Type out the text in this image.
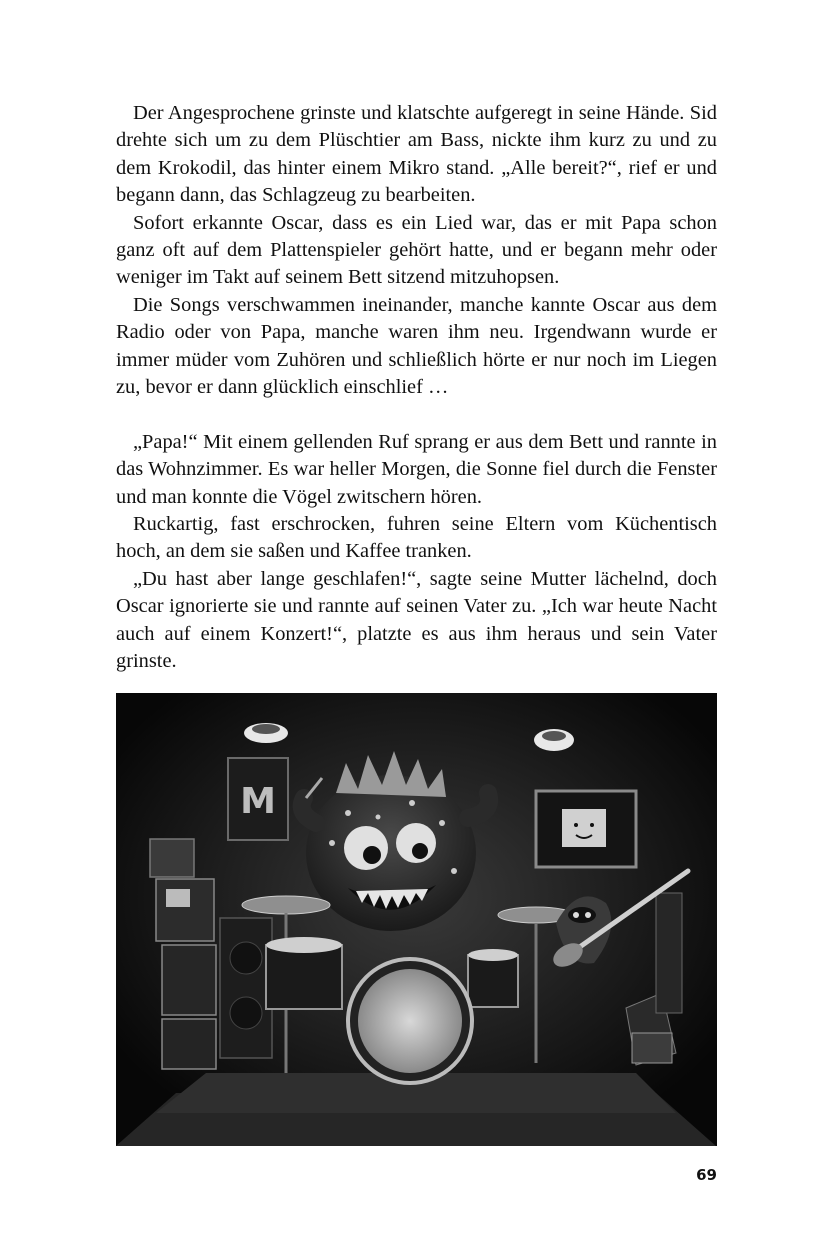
Der Angesprochene grinste und klatschte aufgeregt in seine Hände. Sid drehte sich um zu dem Plüschtier am Bass, nickte ihm kurz zu und zu dem Krokodil, das hinter einem Mikro stand. „Alle bereit?“, rief er und begann dann, das Schlagzeug zu bearbeiten.

Sofort erkannte Oscar, dass es ein Lied war, das er mit Papa schon ganz oft auf dem Plattenspieler gehört hatte, und er begann mehr oder weniger im Takt auf seinem Bett sitzend mitzuhopsen.

Die Songs verschwammen ineinander, manche kannte Oscar aus dem Radio oder von Papa, manche waren ihm neu. Irgendwann wurde er immer müder vom Zuhören und schließlich hörte er nur noch im Liegen zu, bevor er dann glücklich einschlief …

„Papa!“ Mit einem gellenden Ruf sprang er aus dem Bett und rannte in das Wohnzimmer. Es war heller Morgen, die Sonne fiel durch die Fenster und man konnte die Vögel zwitschern hören.

Ruckartig, fast erschrocken, fuhren seine Eltern vom Küchentisch hoch, an dem sie saßen und Kaffee tranken.

„Du hast aber lange geschlafen!“, sagte seine Mutter lächelnd, doch Oscar ignorierte sie und rannte auf seinen Vater zu. „Ich war heute Nacht auch auf einem Konzert!“, platzte es aus ihm heraus und sein Vater grinste.

M
69
